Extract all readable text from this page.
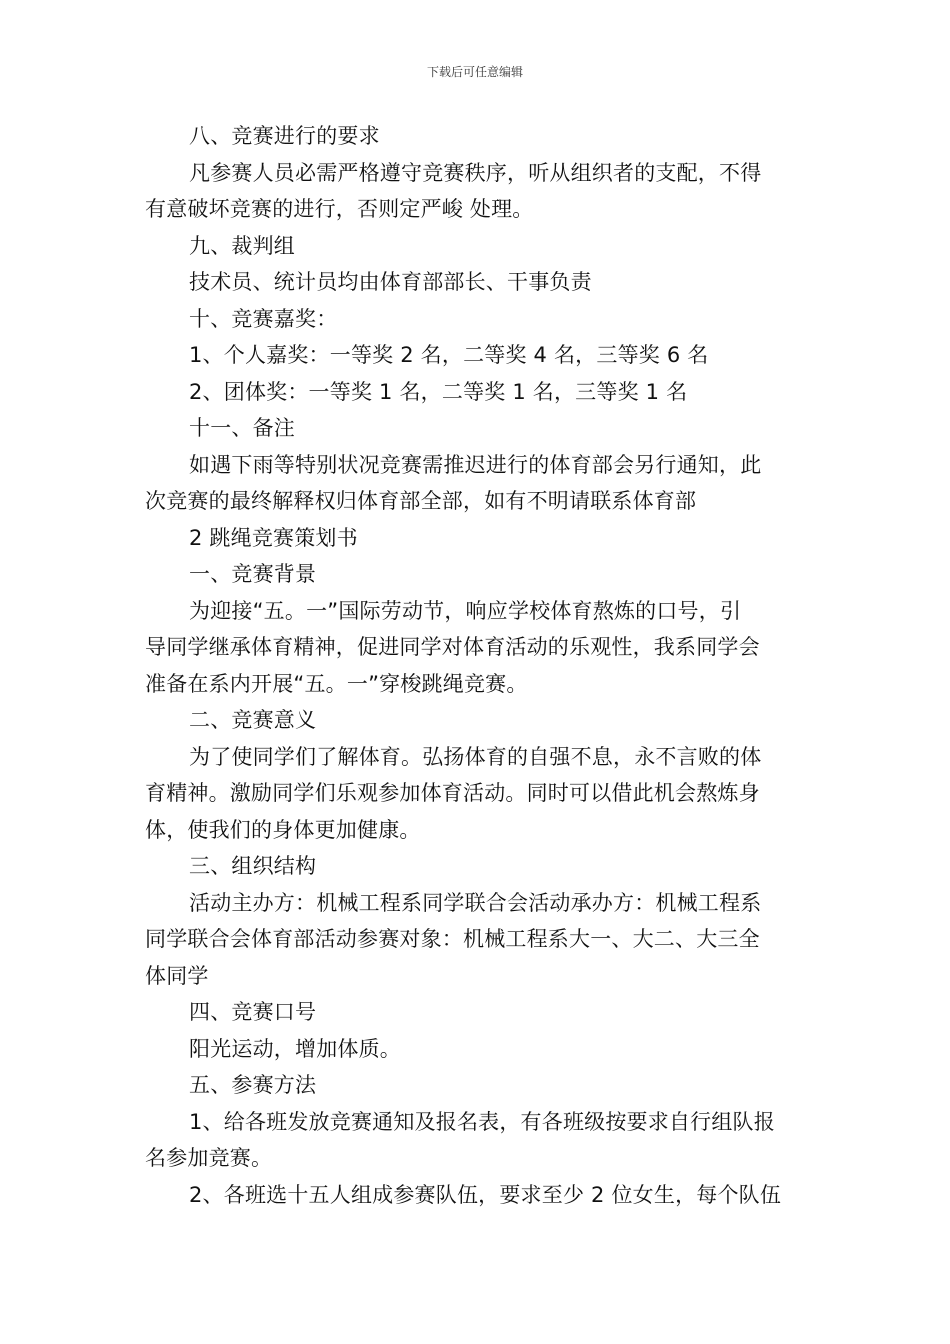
下载后可任意编辑

八、竞赛进行的要求

凡参赛人员必需严格遵守竞赛秩序，听从组织者的支配，不得

有意破坏竞赛的进行，否则定严峻 处理。

九、裁判组

技术员、统计员均由体育部部长、干事负责

十、竞赛嘉奖：

1、个人嘉奖：一等奖 2 名，二等奖 4 名，三等奖 6 名

2、团体奖：一等奖 1 名，二等奖 1 名，三等奖 1 名

十一、备注

如遇下雨等特别状况竞赛需推迟进行的体育部会另行通知，此

次竞赛的最终解释权归体育部全部，如有不明请联系体育部

2 跳绳竞赛策划书

一、竞赛背景

为迎接“五。一”国际劳动节，响应学校体育熬炼的口号，引

导同学继承体育精神，促进同学对体育活动的乐观性，我系同学会

准备在系内开展“五。一”穿梭跳绳竞赛。

二、竞赛意义

为了使同学们了解体育。弘扬体育的自强不息，永不言败的体

育精神。激励同学们乐观参加体育活动。同时可以借此机会熬炼身

体，使我们的身体更加健康。

三、组织结构

活动主办方：机械工程系同学联合会活动承办方：机械工程系

同学联合会体育部活动参赛对象：机械工程系大一、大二、大三全

体同学

四、竞赛口号

阳光运动，增加体质。

五、参赛方法

1、给各班发放竞赛通知及报名表，有各班级按要求自行组队报

名参加竞赛。

2、各班选十五人组成参赛队伍，要求至少 2 位女生，每个队伍
